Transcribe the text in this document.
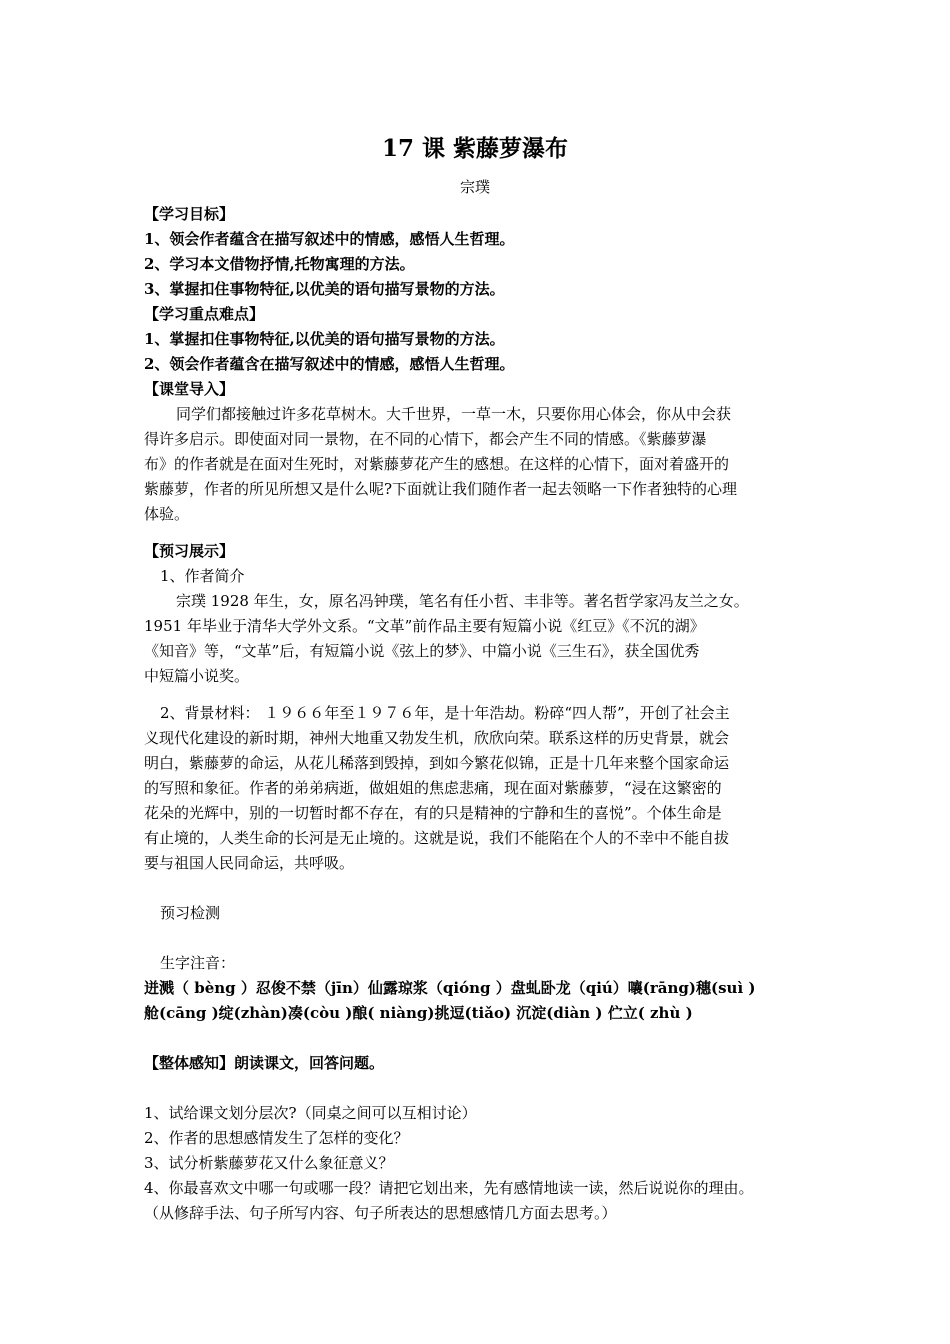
17 课 紫藤萝瀑布
宗璞
【学习目标】
1、领会作者蕴含在描写叙述中的情感，感悟人生哲理。
2、学习本文借物抒情,托物寓理的方法。
3、掌握扣住事物特征,以优美的语句描写景物的方法。
【学习重点难点】
1、掌握扣住事物特征,以优美的语句描写景物的方法。
2、领会作者蕴含在描写叙述中的情感，感悟人生哲理。
【课堂导入】
同学们都接触过许多花草树木。大千世界，一草一木，只要你用心体会，你从中会获
得许多启示。即使面对同一景物，在不同的心情下，都会产生不同的情感。《紫藤萝瀑
布》的作者就是在面对生死时，对紫藤萝花产生的感想。在这样的心情下，面对着盛开的
紫藤萝，作者的所见所想又是什么呢?下面就让我们随作者一起去领略一下作者独特的心理
体验。
【预习展示】
1、作者简介
宗璞 1928 年生，女，原名冯钟璞，笔名有任小哲、丰非等。著名哲学家冯友兰之女。
1951 年毕业于清华大学外文系。“文革”前作品主要有短篇小说《红豆》《不沉的湖》
《知音》等，“文革”后，有短篇小说《弦上的梦》、中篇小说《三生石》，获全国优秀
中短篇小说奖。
2、背景材料： １９６６年至１９７６年，是十年浩劫。粉碎“四人帮”，开创了社会主
义现代化建设的新时期，神州大地重又勃发生机，欣欣向荣。联系这样的历史背景，就会
明白，紫藤萝的命运，从花儿稀落到毁掉，到如今繁花似锦，正是十几年来整个国家命运
的写照和象征。作者的弟弟病逝，做姐姐的焦虑悲痛，现在面对紫藤萝，“浸在这繁密的
花朵的光辉中，别的一切暂时都不存在，有的只是精神的宁静和生的喜悦”。个体生命是
有止境的，人类生命的长河是无止境的。这就是说，我们不能陷在个人的不幸中不能自拔
要与祖国人民同命运，共呼吸。
预习检测
生字注音：
迸溅（ bèng ）忍俊不禁（jīn）仙露琼浆（qióng ）盘虬卧龙（qiú）嚷(rāng)穗(suì )
舱(cāng )绽(zhàn)凑(còu )酿( niàng)挑逗(tiǎo) 沉淀(diàn ) 伫立( zhù )
【整体感知】朗读课文，回答问题。
1、试给课文划分层次?（同桌之间可以互相讨论）
2、作者的思想感情发生了怎样的变化？
3、试分析紫藤萝花又什么象征意义？
4、你最喜欢文中哪一句或哪一段？请把它划出来，先有感情地读一读，然后说说你的理由。
（从修辞手法、句子所写内容、句子所表达的思想感情几方面去思考。）
